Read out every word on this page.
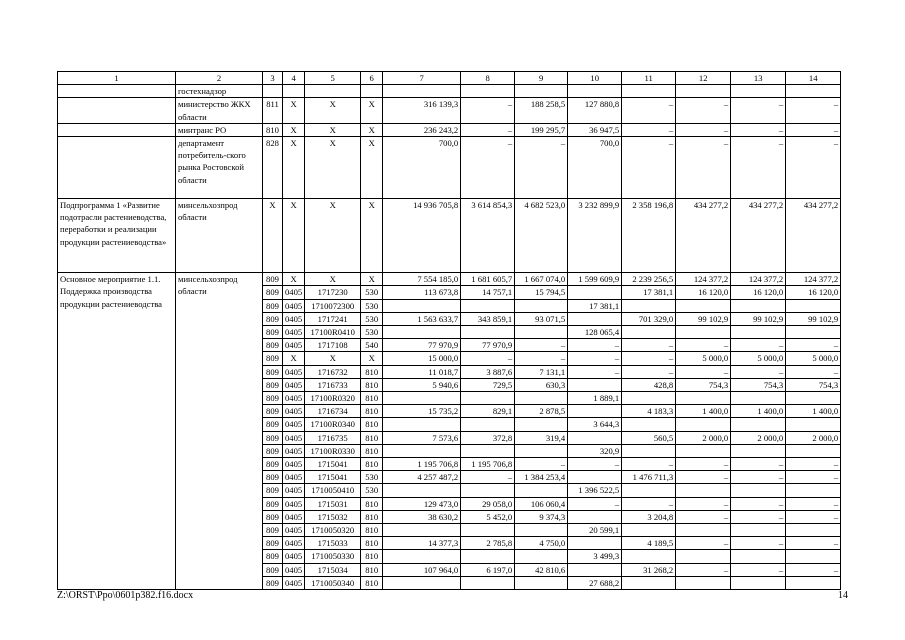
1	2	3	4	5	6	7	8	9	10	11	12	13	14
	гостехнадзор												
	министерство ЖКХ области	811	Х	Х	Х	316 139,3	–	188 258,5	127 880,8	–	–	–	–
	минтранс РО	810	Х	Х	Х	236 243,2	–	199 295,7	36 947,5	–	–	–	–
	департамент потребитель-ского рынка Ростовской области	828	Х	Х	Х	700,0	–	–	700,0	–	–	–	–
Подпрограмма 1 «Развитие подотрасли растениеводства, переработки и реализации продукции растениеводства»	минсельхозпрод области	Х	Х	Х	Х	14 936 705,8	3 614 854,3	4 682 523,0	3 232 899,9	2 358 196,8	434 277,2	434 277,2	434 277,2
Основное мероприятие 1.1. Поддержка производства продукции растениеводства	минсельхозпрод области	809	Х	Х	Х	7 554 185,0	1 681 605,7	1 667 074,0	1 599 609,9	2 239 256,5	124 377,2	124 377,2	124 377,2
		809	0405	1717230	530	113 673,8	14 757,1	15 794,5		17 381,1	16 120,0	16 120,0	16 120,0
		809	0405	1710072300	530				17 381,1				
		809	0405	1717241	530	1 563 633,7	343 859,1	93 071,5		701 329,0	99 102,9	99 102,9	99 102,9
		809	0405	17100R0410	530				128 065,4				
		809	0405	1717108	540	77 970,9	77 970,9	–	–	–	–	–	–
		809	Х	Х	Х	15 000,0	–	–	–	–	5 000,0	5 000,0	5 000,0
		809	0405	1716732	810	11 018,7	3 887,6	7 131,1	–	–	–	–	–
		809	0405	1716733	810	5 940,6	729,5	630,3		428,8	754,3	754,3	754,3
		809	0405	17100R0320	810				1 889,1				
		809	0405	1716734	810	15 735,2	829,1	2 878,5		4 183,3	1 400,0	1 400,0	1 400,0
		809	0405	17100R0340	810				3 644,3				
		809	0405	1716735	810	7 573,6	372,8	319,4		560,5	2 000,0	2 000,0	2 000,0
		809	0405	17100R0330	810				320,9				
		809	0405	1715041	810	1 195 706,8	1 195 706,8	–	–	–	–	–	–
		809	0405	1715041	530	4 257 487,2	–	1 384 253,4		1 476 711,3	–	–	–
		809	0405	1710050410	530				1 396 522,5				
		809	0405	1715031	810	129 473,0	29 058,0	106 060,4	–	–	–	–	–
		809	0405	1715032	810	38 630,2	5 452,0	9 374,3		3 204,8	–	–	–
		809	0405	1710050320	810				20 599,1				
		809	0405	1715033	810	14 377,3	2 785,8	4 750,0		4 189,5	–	–	–
		809	0405	1710050330	810				3 499,3				
		809	0405	1715034	810	107 964,0	6 197,0	42 810,6		31 268,2	–	–	–
		809	0405	1710050340	810				27 688,2				
Z:\ORST\Ppo\0601p382.f16.docx	14
